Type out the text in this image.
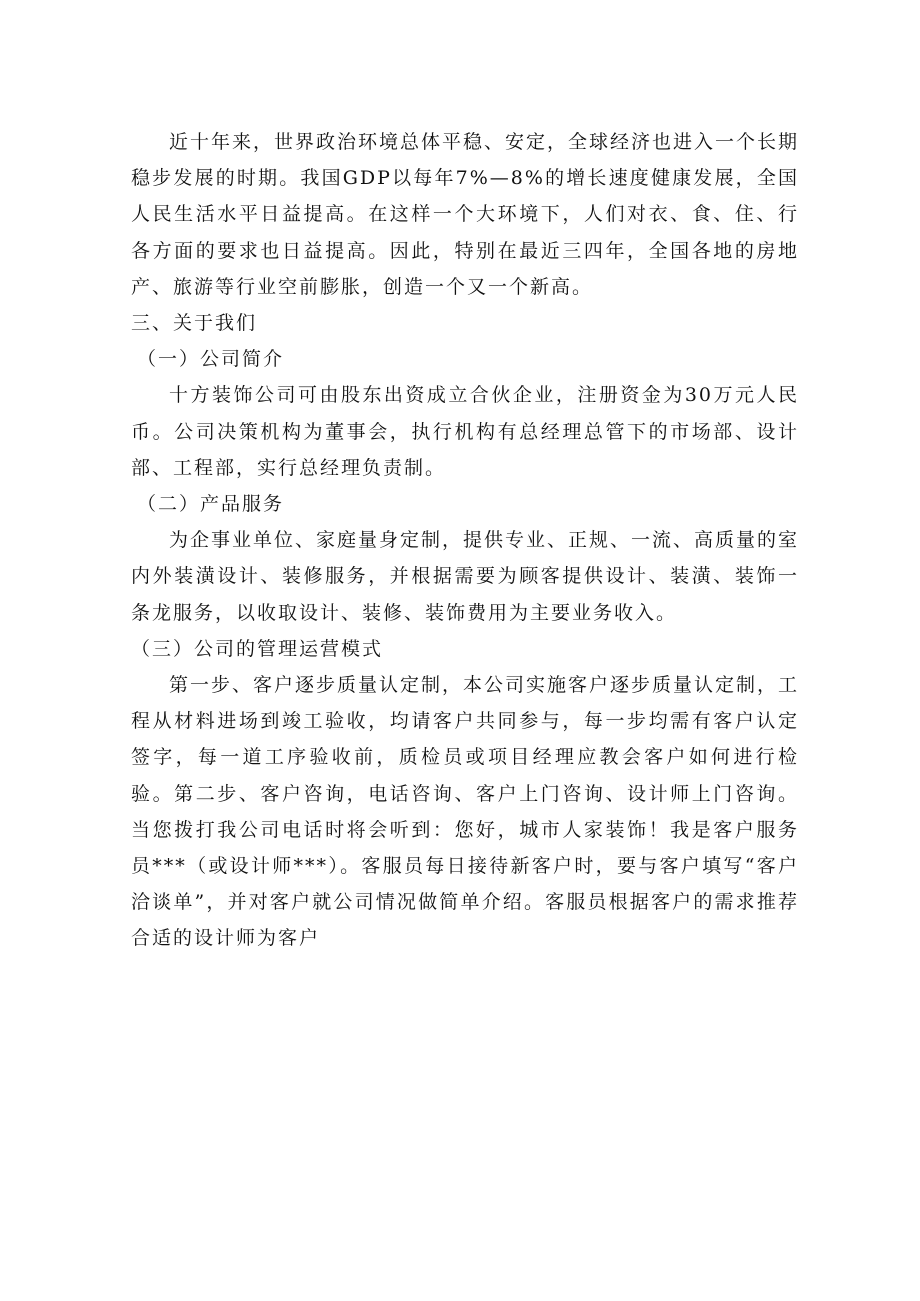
近十年来，世界政治环境总体平稳、安定，全球经济也进入一个长期稳步发展的时期。我国GDP以每年7%—8%的增长速度健康发展，全国人民生活水平日益提高。在这样一个大环境下，人们对衣、食、住、行各方面的要求也日益提高。因此，特别在最近三四年，全国各地的房地产、旅游等行业空前膨胀，创造一个又一个新高。

三、关于我们

（一）公司简介

十方装饰公司可由股东出资成立合伙企业，注册资金为30万元人民币。公司决策机构为董事会，执行机构有总经理总管下的市场部、设计部、工程部，实行总经理负责制。

（二）产品服务

为企事业单位、家庭量身定制，提供专业、正规、一流、高质量的室内外装潢设计、装修服务，并根据需要为顾客提供设计、装潢、装饰一条龙服务，以收取设计、装修、装饰费用为主要业务收入。

（三）公司的管理运营模式

第一步、客户逐步质量认定制，本公司实施客户逐步质量认定制，工程从材料进场到竣工验收，均请客户共同参与，每一步均需有客户认定签字，每一道工序验收前，质检员或项目经理应教会客户如何进行检验。第二步、客户咨询，电话咨询、客户上门咨询、设计师上门咨询。当您拨打我公司电话时将会听到：您好，城市人家装饰！我是客户服务员***（或设计师***）。客服员每日接待新客户时，要与客户填写“客户洽谈单”，并对客户就公司情况做简单介绍。客服员根据客户的需求推荐合适的设计师为客户
